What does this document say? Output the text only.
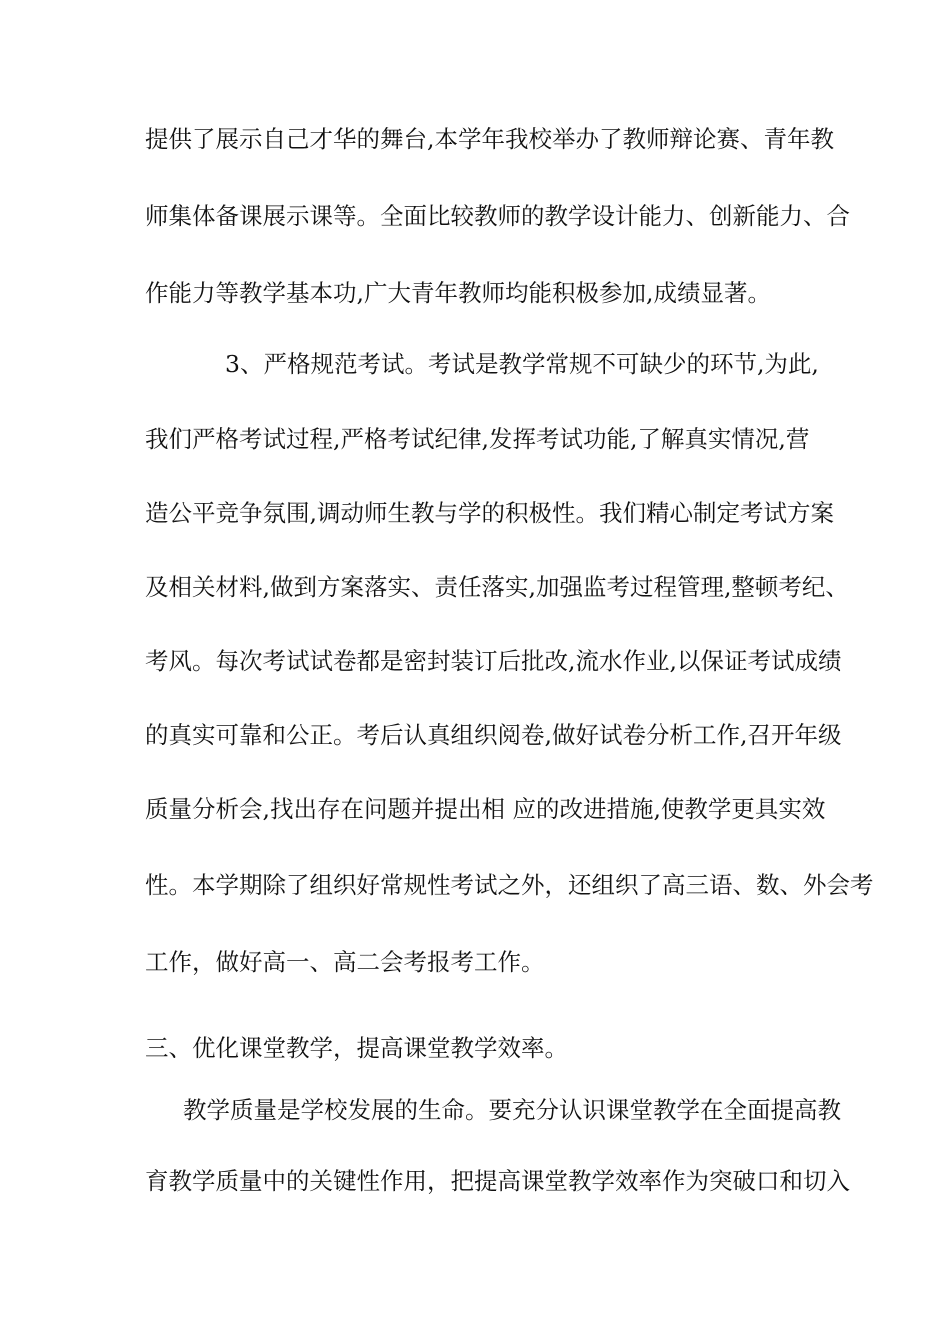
提供了展示自己才华的舞台,本学年我校举办了教师辩论赛、青年教
师集体备课展示课等。全面比较教师的教学设计能力、创新能力、合
作能力等教学基本功,广大青年教师均能积极参加,成绩显著。
3、严格规范考试。考试是教学常规不可缺少的环节,为此,
我们严格考试过程,严格考试纪律,发挥考试功能,了解真实情况,营
造公平竞争氛围,调动师生教与学的积极性。我们精心制定考试方案
及相关材料,做到方案落实、责任落实,加强监考过程管理,整顿考纪、
考风。每次考试试卷都是密封装订后批改,流水作业,以保证考试成绩
的真实可靠和公正。考后认真组织阅卷,做好试卷分析工作,召开年级
质量分析会,找出存在问题并提出相 应的改进措施,使教学更具实效
性。本学期除了组织好常规性考试之外，还组织了高三语、数、外会考
工作，做好高一、高二会考报考工作。
三、优化课堂教学，提高课堂教学效率。
教学质量是学校发展的生命。要充分认识课堂教学在全面提高教
育教学质量中的关键性作用，把提高课堂教学效率作为突破口和切入
